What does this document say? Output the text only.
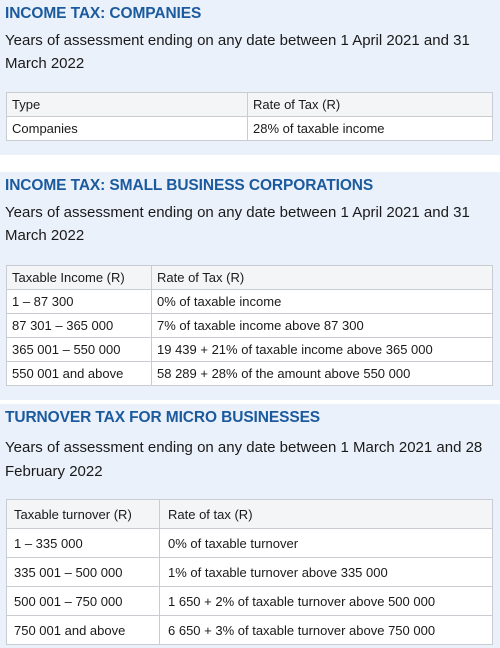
INCOME TAX: COMPANIES
Years of assessment ending on any date between 1 April 2021 and 31 March 2022
Type	Rate of Tax (R)
Companies	28% of taxable income
INCOME TAX: SMALL BUSINESS CORPORATIONS
Years of assessment ending on any date between 1 April 2021 and 31 March 2022
Taxable Income (R)	Rate of Tax (R)
1 – 87 300	0% of taxable income
87 301 – 365 000	7% of taxable income above 87 300
365 001 – 550 000	19 439 + 21% of taxable income above 365 000
550 001 and above	58 289 + 28% of the amount above 550 000
TURNOVER TAX FOR MICRO BUSINESSES
Years of assessment ending on any date between 1 March 2021 and 28 February 2022
Taxable turnover (R)	Rate of tax (R)
1 – 335 000	0% of taxable turnover
335 001 – 500 000	1% of taxable turnover above 335 000
500 001 – 750 000	1 650 + 2% of taxable turnover above 500 000
750 001 and above	6 650 + 3% of taxable turnover above 750 000
